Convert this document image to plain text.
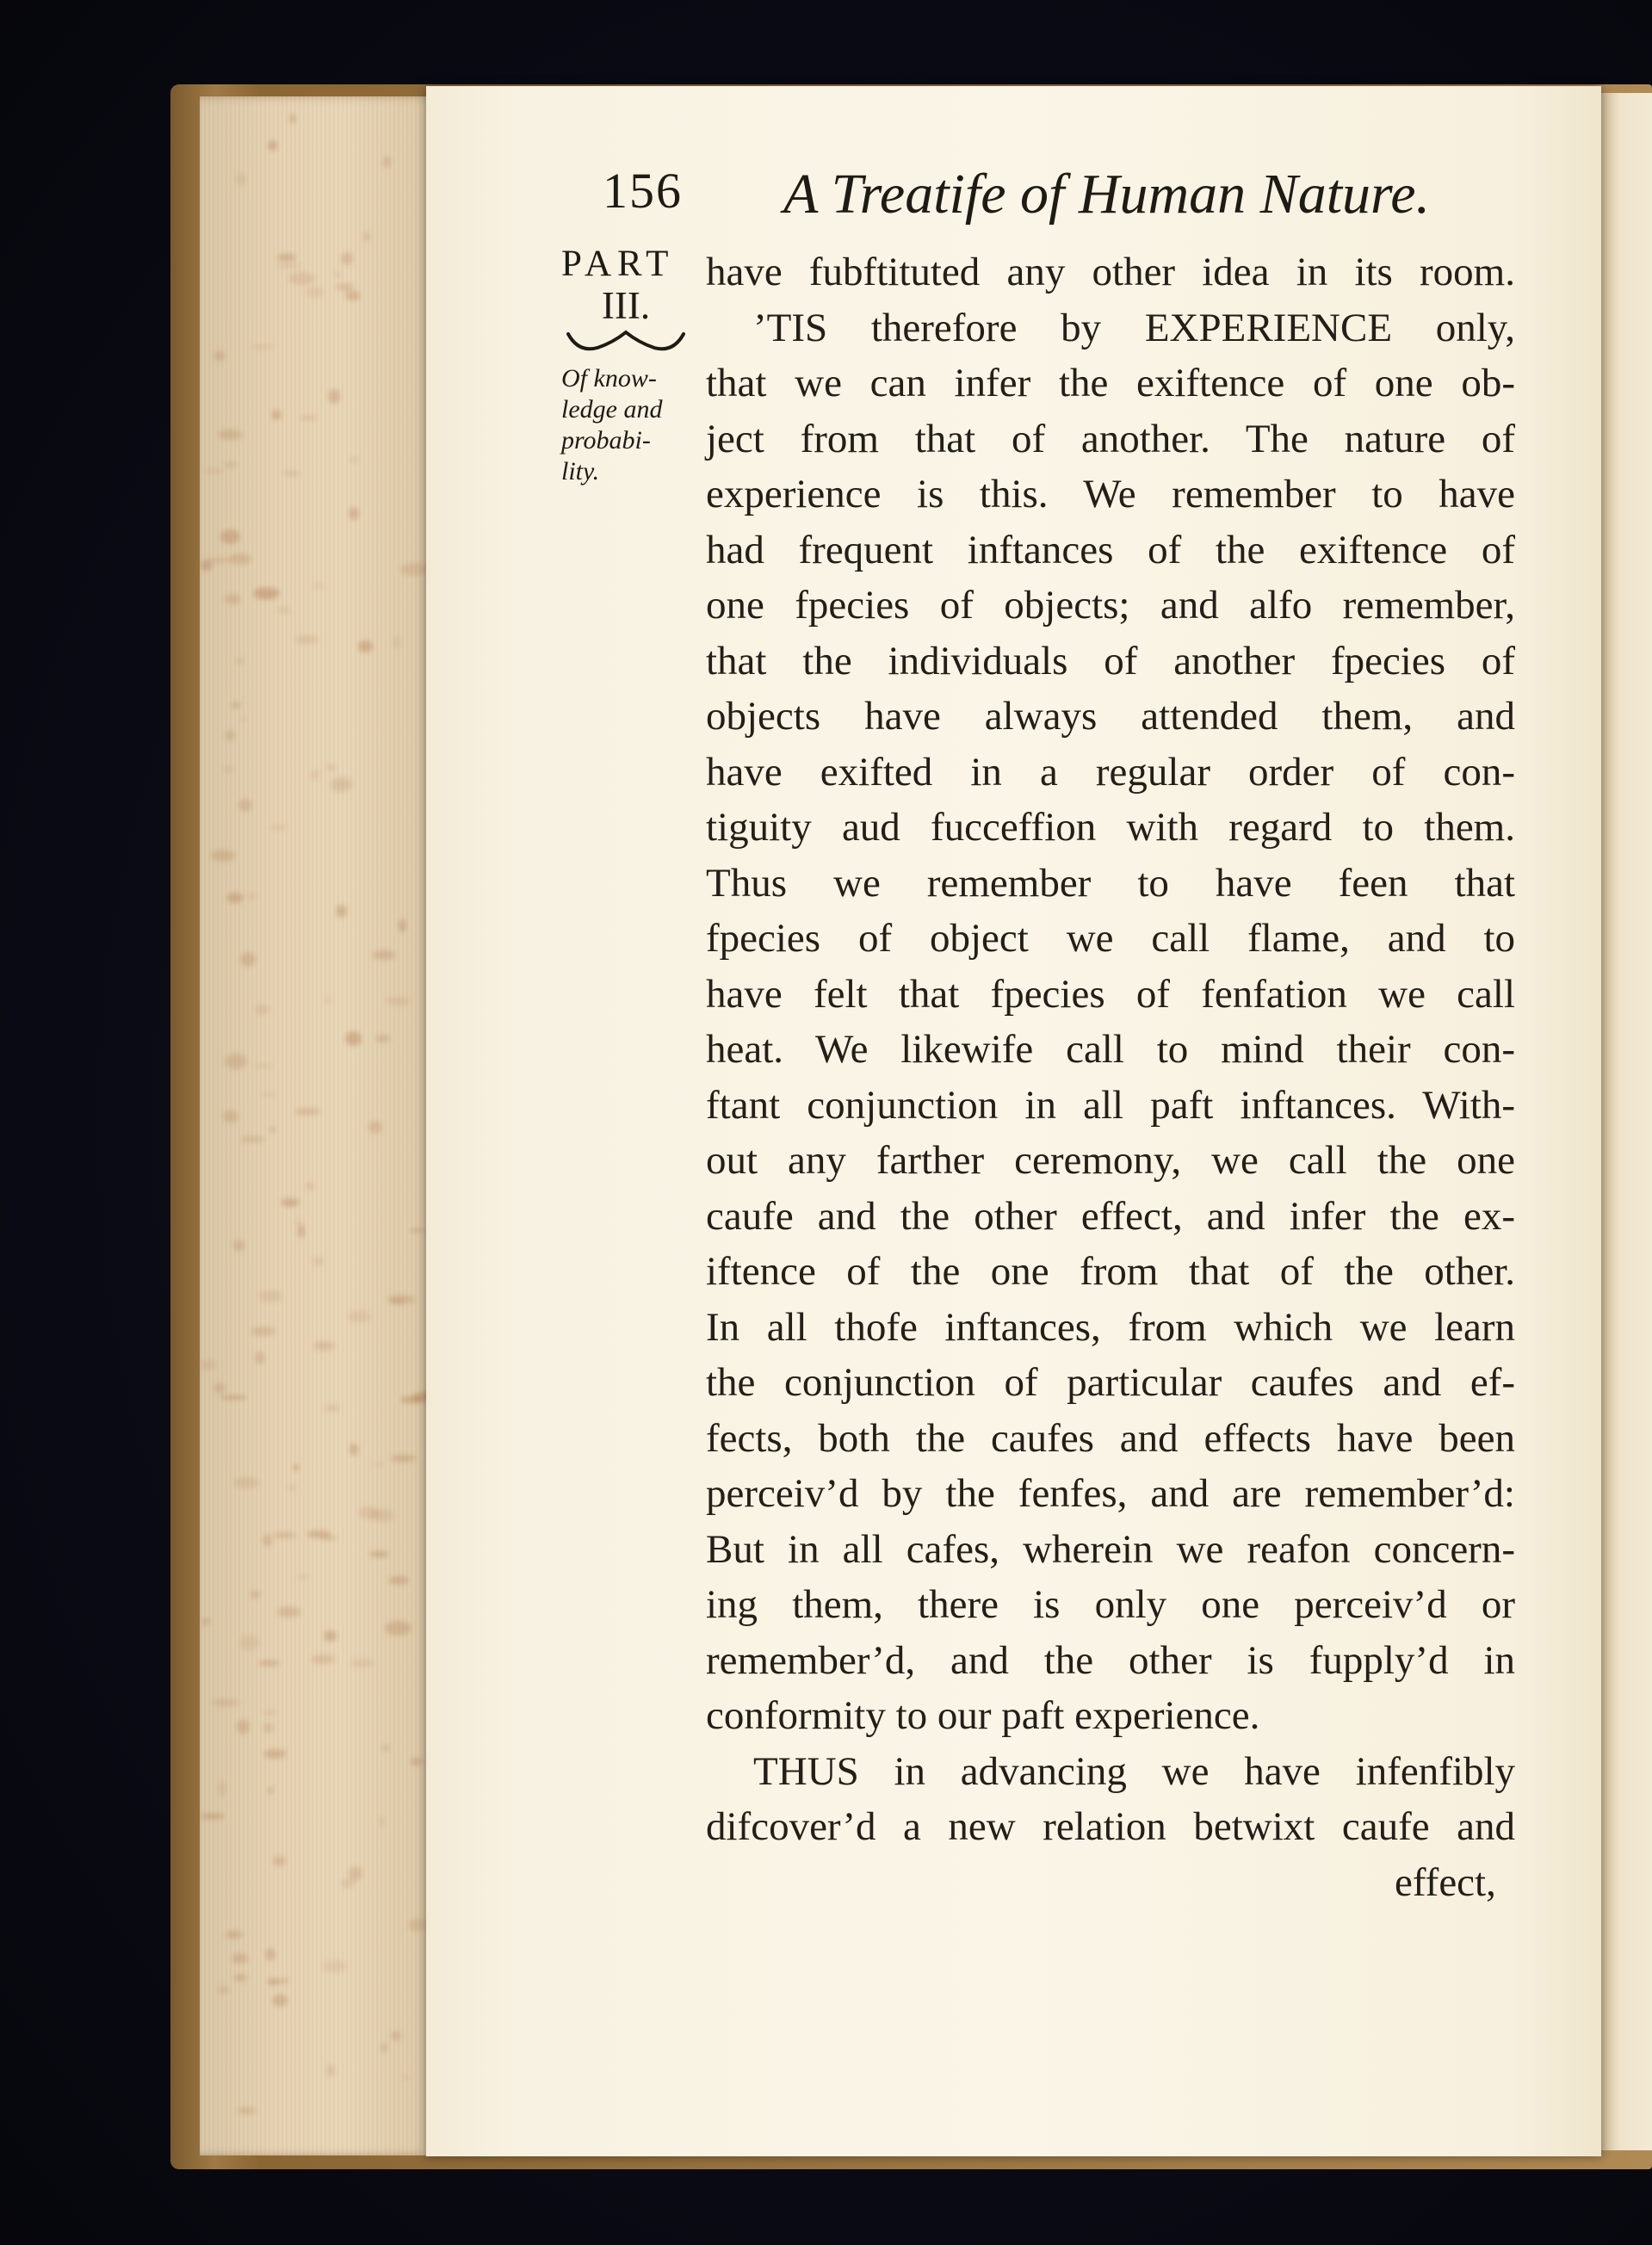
156 A Treatife of Human Nature.
PART
III.
Of know-
ledge and
probabi-
lity.
have fubftituted any other idea in its room.
’TIS therefore by EXPERIENCE only,
that we can infer the exiftence of one ob-
ject from that of another. The nature of
experience is this. We remember to have
had frequent inftances of the exiftence of
one fpecies of objects; and alfo remember,
that the individuals of another fpecies of
objects have always attended them, and
have exifted in a regular order of con-
tiguity aud fucceffion with regard to them.
Thus we remember to have feen that
fpecies of object we call flame, and to
have felt that fpecies of fenfation we call
heat. We likewife call to mind their con-
ftant conjunction in all paft inftances. With-
out any farther ceremony, we call the one
caufe and the other effect, and infer the ex-
iftence of the one from that of the other.
In all thofe inftances, from which we learn
the conjunction of particular caufes and ef-
fects, both the caufes and effects have been
perceiv’d by the fenfes, and are remember’d:
But in all cafes, wherein we reafon concern-
ing them, there is only one perceiv’d or
remember’d, and the other is fupply’d in
conformity to our paft experience.
THUS in advancing we have infenfibly
difcover’d a new relation betwixt caufe and
effect,
